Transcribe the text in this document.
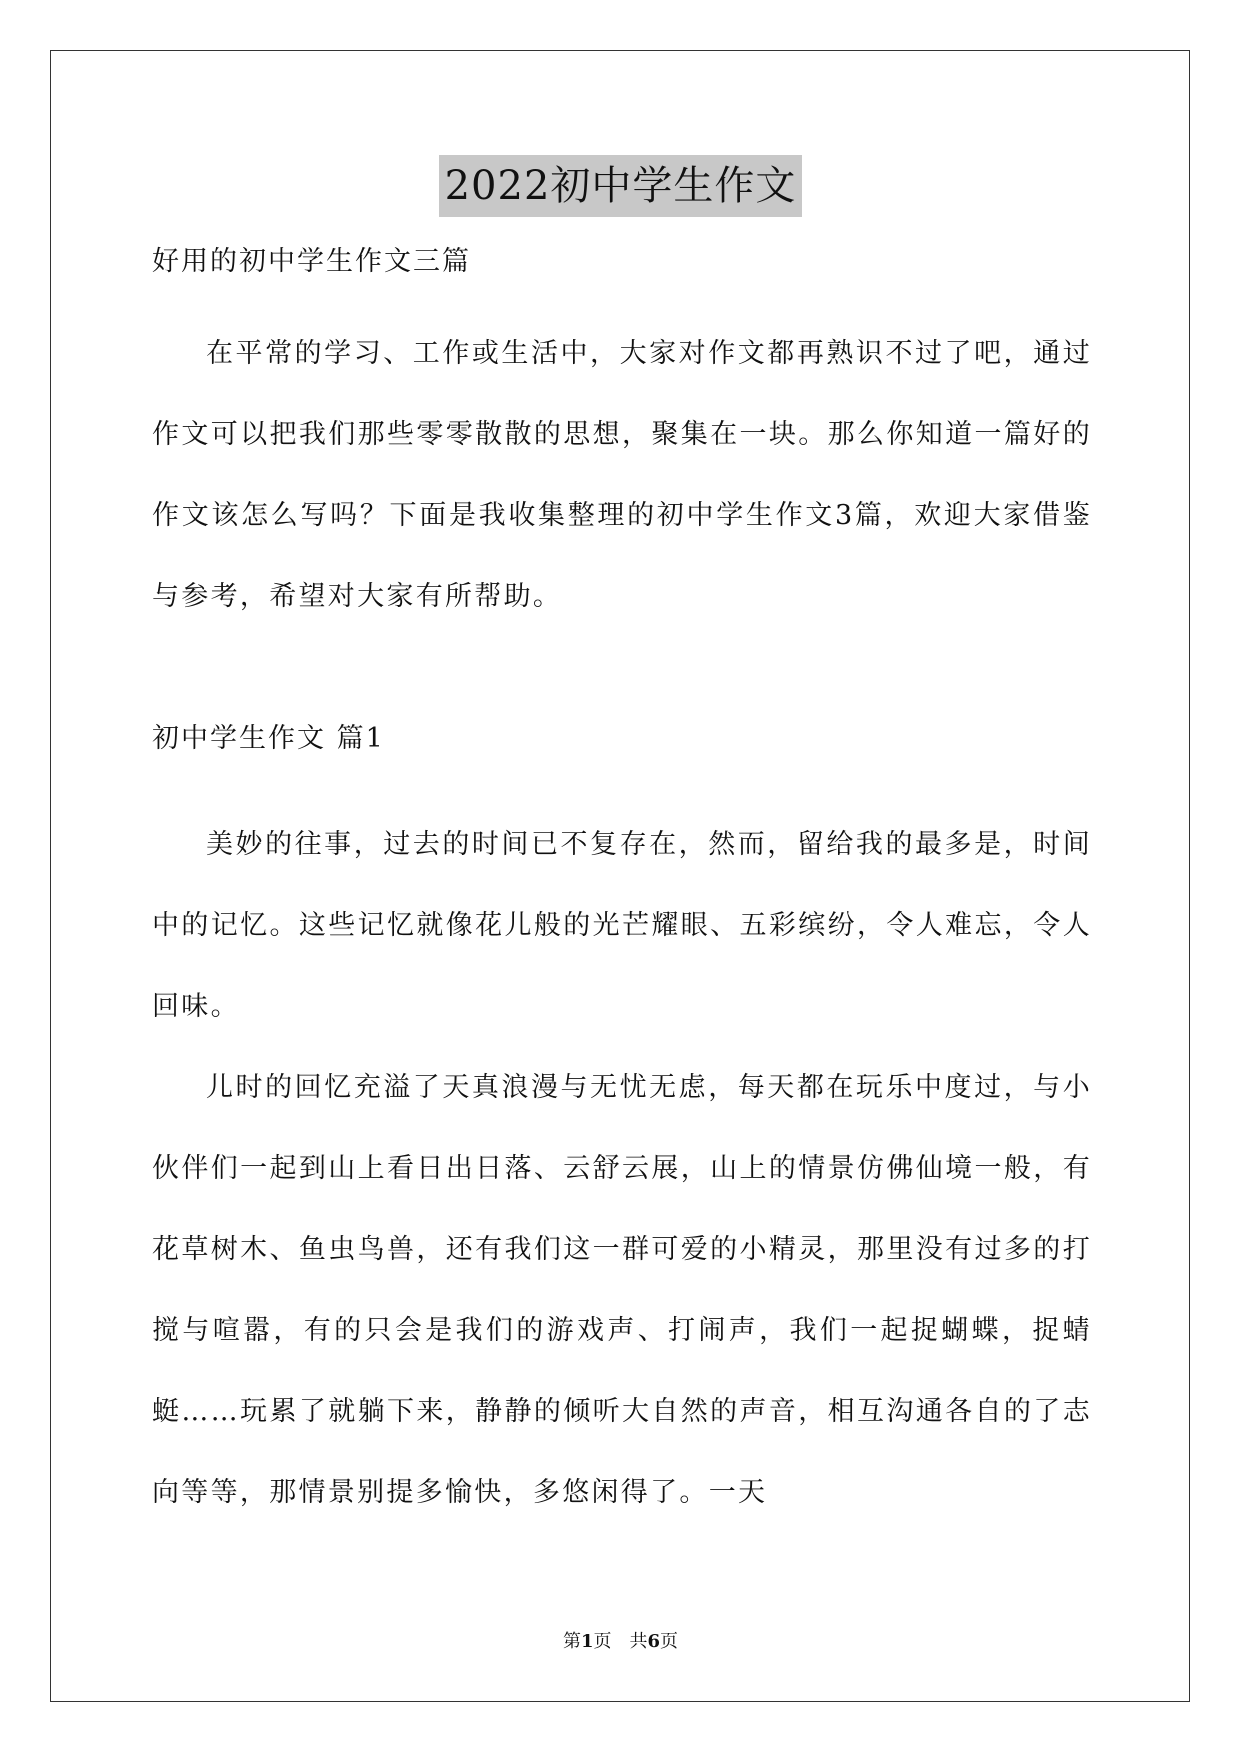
2022初中学生作文

好用的初中学生作文三篇

在平常的学习、工作或生活中，大家对作文都再熟识不过了吧，通过作文可以把我们那些零零散散的思想，聚集在一块。那么你知道一篇好的作文该怎么写吗？下面是我收集整理的初中学生作文3篇，欢迎大家借鉴与参考，希望对大家有所帮助。

初中学生作文 篇1

美妙的往事，过去的时间已不复存在，然而，留给我的最多是，时间中的记忆。这些记忆就像花儿般的光芒耀眼、五彩缤纷，令人难忘，令人回味。

儿时的回忆充溢了天真浪漫与无忧无虑，每天都在玩乐中度过，与小伙伴们一起到山上看日出日落、云舒云展，山上的情景仿佛仙境一般，有花草树木、鱼虫鸟兽，还有我们这一群可爱的小精灵，那里没有过多的打搅与喧嚣，有的只会是我们的游戏声、打闹声，我们一起捉蝴蝶，捉蜻蜓……玩累了就躺下来，静静的倾听大自然的声音，相互沟通各自的了志向等等，那情景别提多愉快，多悠闲得了。一天

第1页　共6页
